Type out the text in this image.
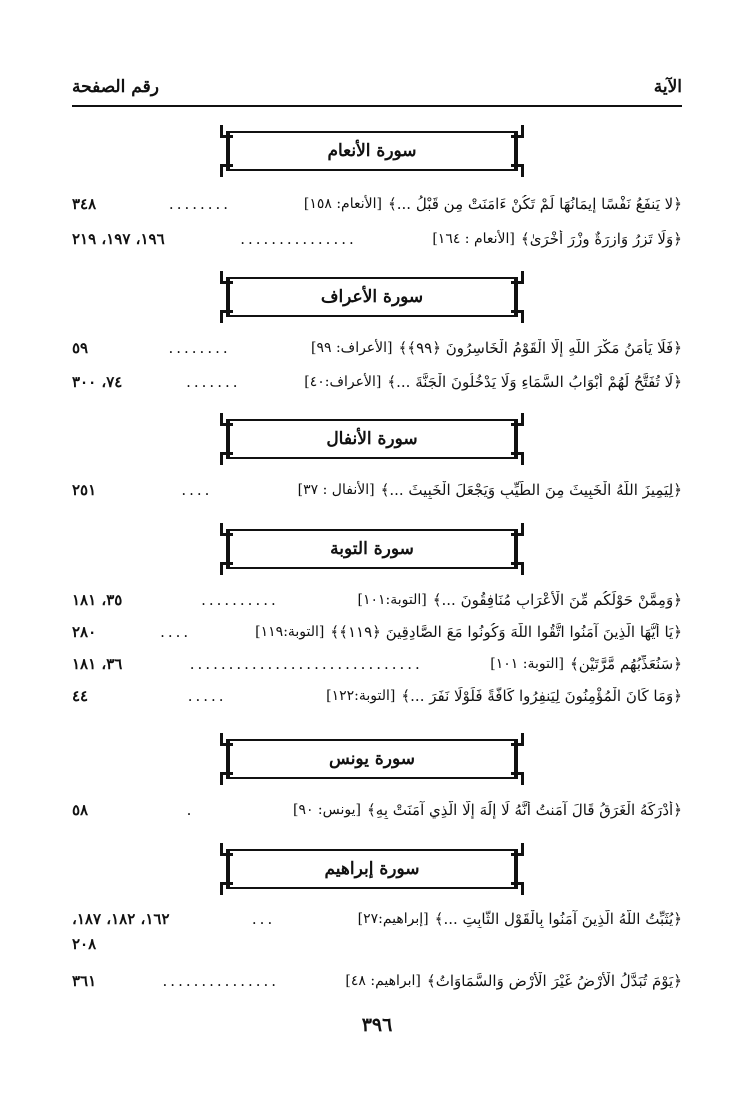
الآية
رقم الصفحة
سورة الأنعام
﴿لا يَنفَعُ نَفْسًا إِيمَانُهَا لَمْ تَكُنْ ءَامَنَتْ مِن قَبْلُ ...﴾
[الأنعام: ١٥٨]
........
٣٤٨
﴿وَلَا تَزِرُ وَازِرَةٌ وِزْرَ أُخْرَىٰ﴾
[الأنعام : ١٦٤]
...............
١٩٦، ١٩٧، ٢١٩
سورة الأعراف
﴿فَلَا يَأْمَنُ مَكْرَ اللَّهِ إِلَّا الْقَوْمُ الْخَاسِرُونَ ﴿٩٩﴾﴾
[الأعراف: ٩٩]
........
٥٩
﴿لَا تُفَتَّحُ لَهُمْ أَبْوَابُ السَّمَاءِ وَلَا يَدْخُلُونَ الْجَنَّةَ ...﴾
[الأعراف:٤٠]
.......
٧٤، ٣٠٠
سورة الأنفال
﴿لِيَمِيزَ اللَّهُ الْخَبِيثَ مِنَ الطَّيِّبِ وَيَجْعَلَ الْخَبِيثَ ...﴾
[الأنفال : ٣٧]
....
٢٥١
سورة التوبة
﴿وَمِمَّنْ حَوْلَكُم مِّنَ الْأَعْرَابِ مُنَافِقُونَ ...﴾
[التوبة:١٠١]
..........
٣٥، ١٨١
﴿يَا أَيُّهَا الَّذِينَ آمَنُوا اتَّقُوا اللَّهَ وَكُونُوا مَعَ الصَّادِقِينَ ﴿١١٩﴾﴾
[التوبة:١١٩]
....
٢٨٠
﴿سَنُعَذِّبُهُم مَّرَّتَيْنِ﴾
[التوبة: ١٠١]
..............................
٣٦، ١٨١
﴿وَمَا كَانَ الْمُؤْمِنُونَ لِيَنفِرُوا كَافَّةً فَلَوْلَا نَفَرَ ...﴾
[التوبة:١٢٢]
.....
٤٤
سورة يونس
﴿أَدْرَكَهُ الْغَرَقُ قَالَ آمَنتُ أَنَّهُ لَا إِلَٰهَ إِلَّا الَّذِي آمَنَتْ بِهِ﴾
[يونس: ٩٠]
.
٥٨
سورة إبراهيم
﴿يُثَبِّتُ اللَّهُ الَّذِينَ آمَنُوا بِالْقَوْلِ الثَّابِتِ ...﴾
[إبراهيم:٢٧]
...
١٦٢، ١٨٢، ١٨٧،
٢٠٨
﴿يَوْمَ تُبَدَّلُ الْأَرْضُ غَيْرَ الْأَرْضِ وَالسَّمَاوَاتُ﴾
[ابراهيم: ٤٨]
...............
٣٦١
٣٩٦
